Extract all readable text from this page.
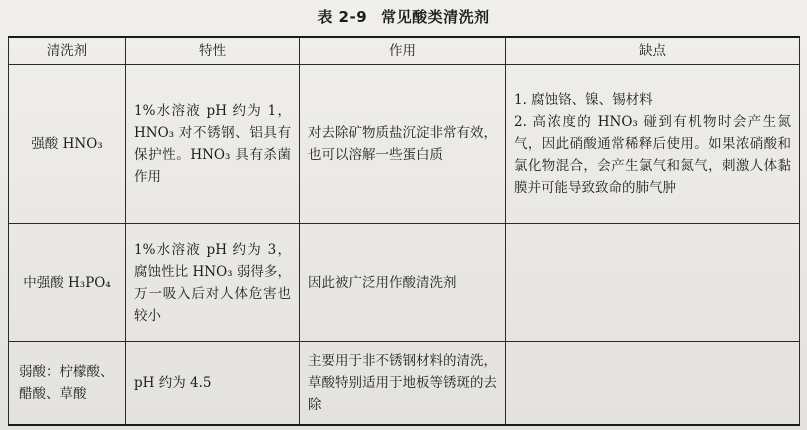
表 2-9 常见酸类清洗剂
清洗剂	特性	作用	缺点
强酸 HNO₃	1%水溶液 pH 约为 1，HNO₃ 对不锈钢、铝具有保护性。HNO₃ 具有杀菌作用	对去除矿物质盐沉淀非常有效，也可以溶解一些蛋白质	1. 腐蚀铬、镍、锡材料
2. 高浓度的 HNO₃ 碰到有机物时会产生氮气，因此硝酸通常稀释后使用。如果浓硝酸和氯化物混合，会产生氯气和氮气，刺激人体黏膜并可能导致致命的肺气肿

中强酸 H₃PO₄	1%水溶液 pH 约为 3，腐蚀性比 HNO₃ 弱得多，万一吸入后对人体危害也较小	因此被广泛用作酸清洗剂	
弱酸：柠檬酸、醋酸、草酸	pH 约为 4.5	主要用于非不锈钢材料的清洗，草酸特别适用于地板等锈斑的去除	
